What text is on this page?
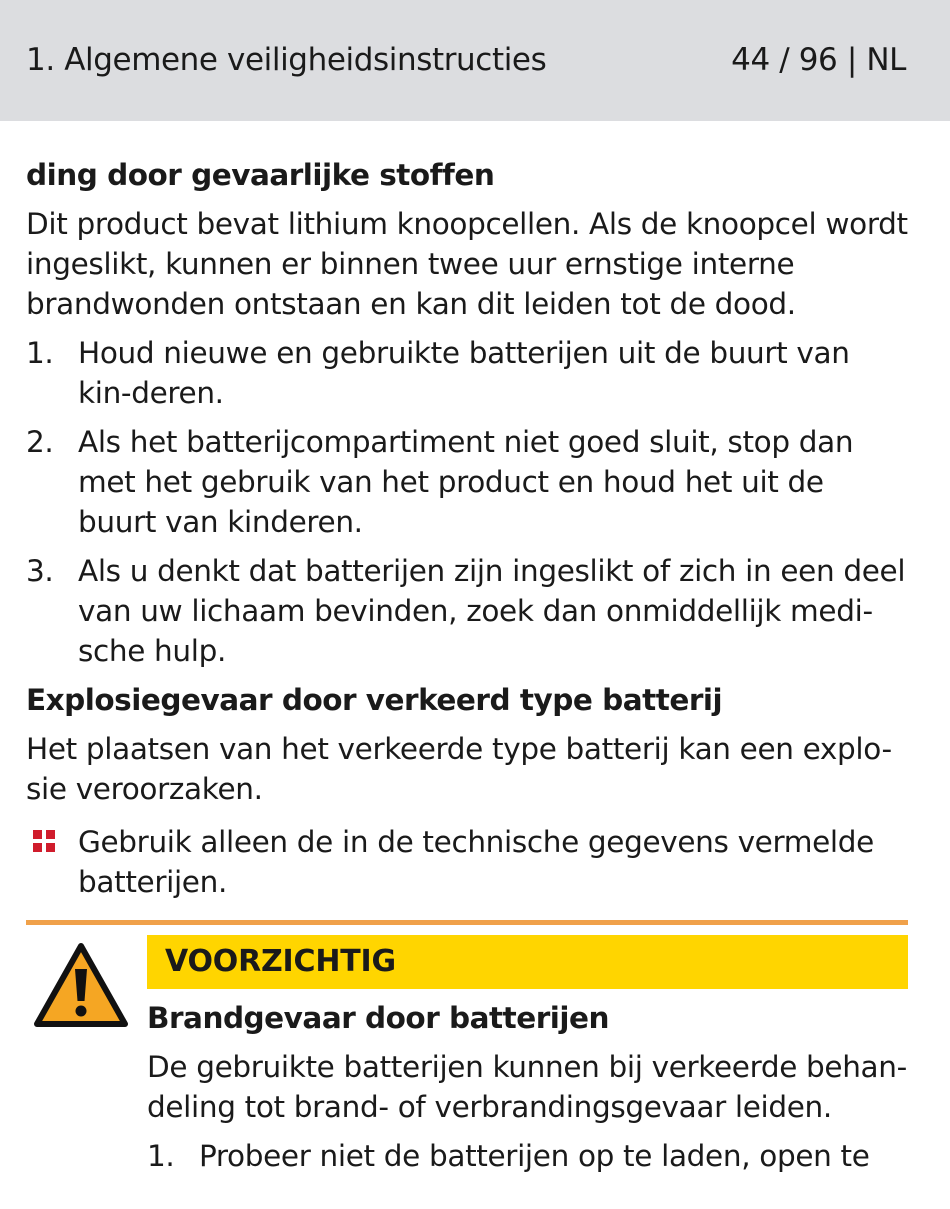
1. Algemene veiligheidsinstructies	44 / 96 | NL
ding door gevaarlijke stoffen
Dit product bevat lithium knoopcellen. Als de knoopcel wordt ingeslikt, kunnen er binnen twee uur ernstige interne brandwonden ontstaan en kan dit leiden tot de dood.
1. Houd nieuwe en gebruikte batterijen uit de buurt van kin-deren.
2. Als het batterijcompartiment niet goed sluit, stop dan met het gebruik van het product en houd het uit de buurt van kinderen.
3. Als u denkt dat batterijen zijn ingeslikt of zich in een deel van uw lichaam bevinden, zoek dan onmiddellijk medi-sche hulp.
Explosiegevaar door verkeerd type batterij
Het plaatsen van het verkeerde type batterij kan een explo-sie veroorzaken.
Gebruik alleen de in de technische gegevens vermelde batterijen.
VOORZICHTIG
Brandgevaar door batterijen
De gebruikte batterijen kunnen bij verkeerde behan-deling tot brand- of verbrandingsgevaar leiden.
1. Probeer niet de batterijen op te laden, open te
